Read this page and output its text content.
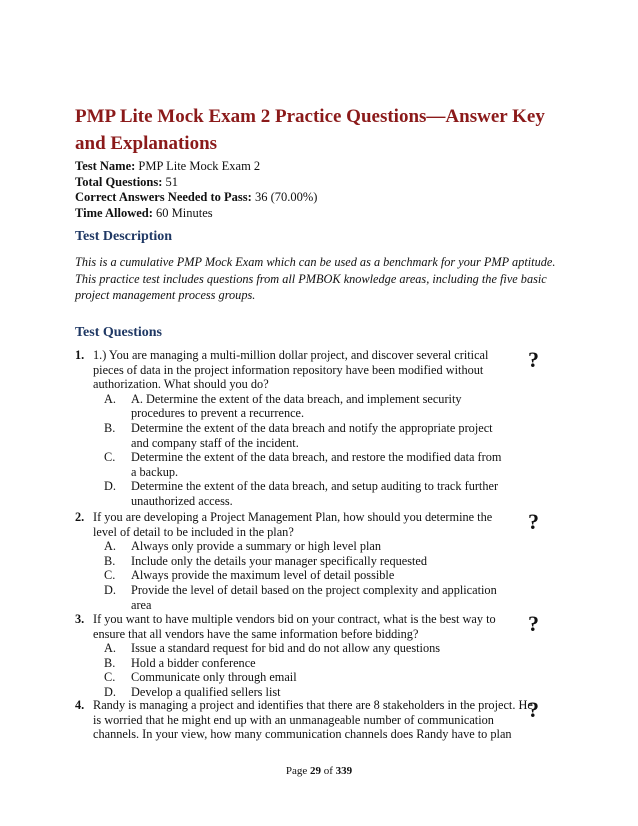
PMP Lite Mock Exam 2 Practice Questions—Answer Key and Explanations
Test Name: PMP Lite Mock Exam 2
Total Questions: 51
Correct Answers Needed to Pass: 36 (70.00%)
Time Allowed: 60 Minutes
Test Description

This is a cumulative PMP Mock Exam which can be used as a benchmark for your PMP aptitude. This practice test includes questions from all PMBOK knowledge areas, including the five basic project management process groups.

Test Questions
1. 1.) You are managing a multi-million dollar project, and discover several critical pieces of data in the project information repository have been modified without authorization. What should you do?
A. A. Determine the extent of the data breach, and implement security procedures to prevent a recurrence.
B. Determine the extent of the data breach and notify the appropriate project and company staff of the incident.
C. Determine the extent of the data breach, and restore the modified data from a backup.
D. Determine the extent of the data breach, and setup auditing to track further unauthorized access.
?
2. If you are developing a Project Management Plan, how should you determine the level of detail to be included in the plan?
A. Always only provide a summary or high level plan
B. Include only the details your manager specifically requested
C. Always provide the maximum level of detail possible
D. Provide the level of detail based on the project complexity and application area
?
3. If you want to have multiple vendors bid on your contract, what is the best way to ensure that all vendors have the same information before bidding?
A. Issue a standard request for bid and do not allow any questions
B. Hold a bidder conference
C. Communicate only through email
D. Develop a qualified sellers list
?
4. Randy is managing a project and identifies that there are 8 stakeholders in the project. He is worried that he might end up with an unmanageable number of communication channels. In your view, how many communication channels does Randy have to plan
?
Page 29 of 339
